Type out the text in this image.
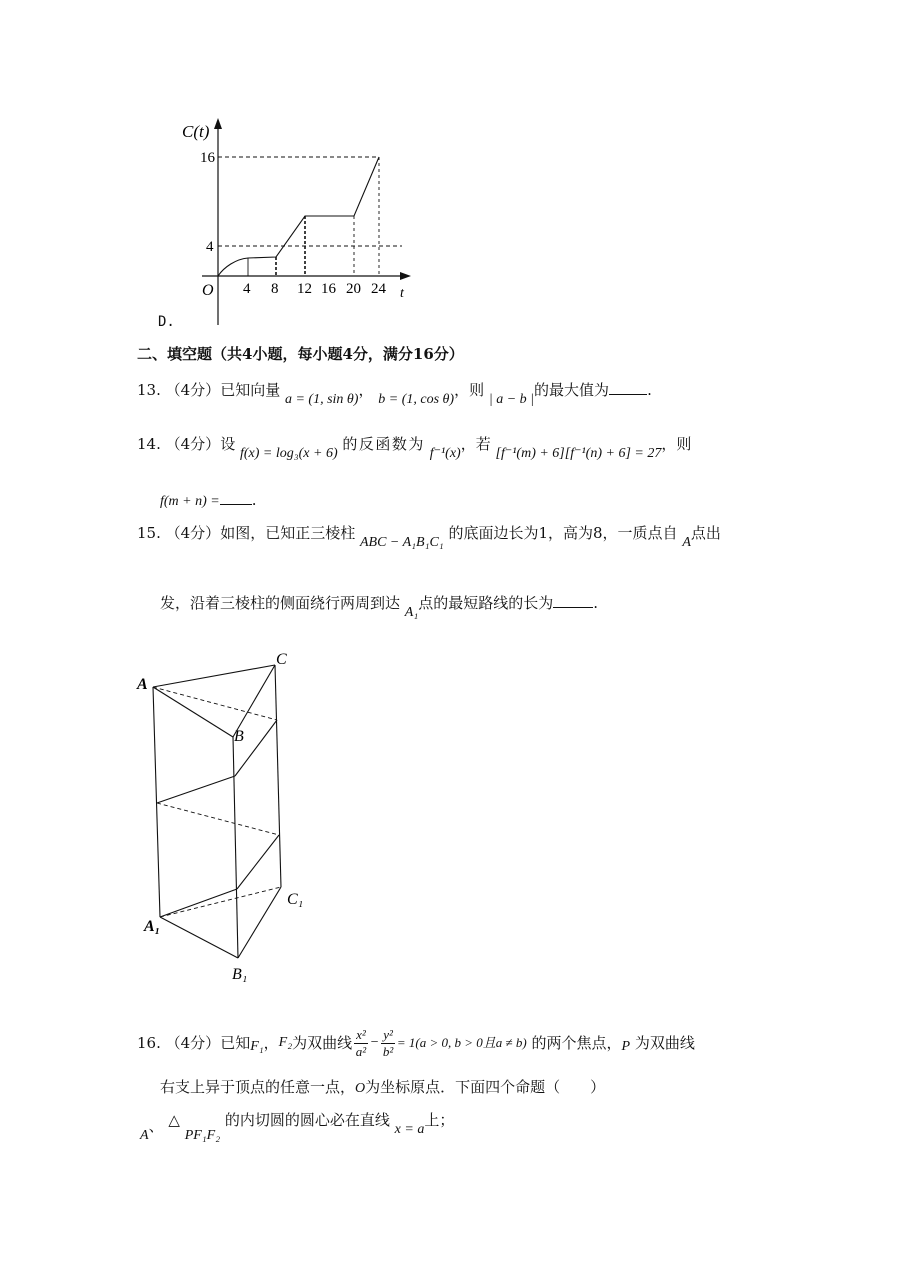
C(t)
16
4
O 4 8 12 16 20 24 t
D.
二、填空题（共4小题，每小题4分，满分16分）
13. （4分）已知向量 a = (1, sin θ)， b = (1, cos θ)，则 | a − b |的最大值为	.
14. （4分）设 f(x) = log₃(x + 6) 的反函数为 f⁻¹(x)，若 [f⁻¹(m) + 6][f⁻¹(n) + 6] = 27，则
f(m + n) = .
15. （4分）如图，已知正三棱柱 ABC − A₁B₁C₁ 的底面边长为1，高为8，一质点自 A点出
发，沿着三棱柱的侧面绕行两周到达 A₁点的最短路线的长为	.
A
C
B
C₁
A₁
B₁
16.
（4分） 已知 F₁ ， F₂ 为双曲线 $\frac{\text{x²}}{\text{a²}} - \frac{\text{y²}}{\text{b²}} = 1(a > 0$, b > 0且a ≠ b)
的两个焦点， P
为双曲线
右支上异于顶点的任意一点，O为坐标原点．下面四个命题（　　）
A、 △ PF₁F₂ 的内切圆的圆心必在直线 x = a上；
